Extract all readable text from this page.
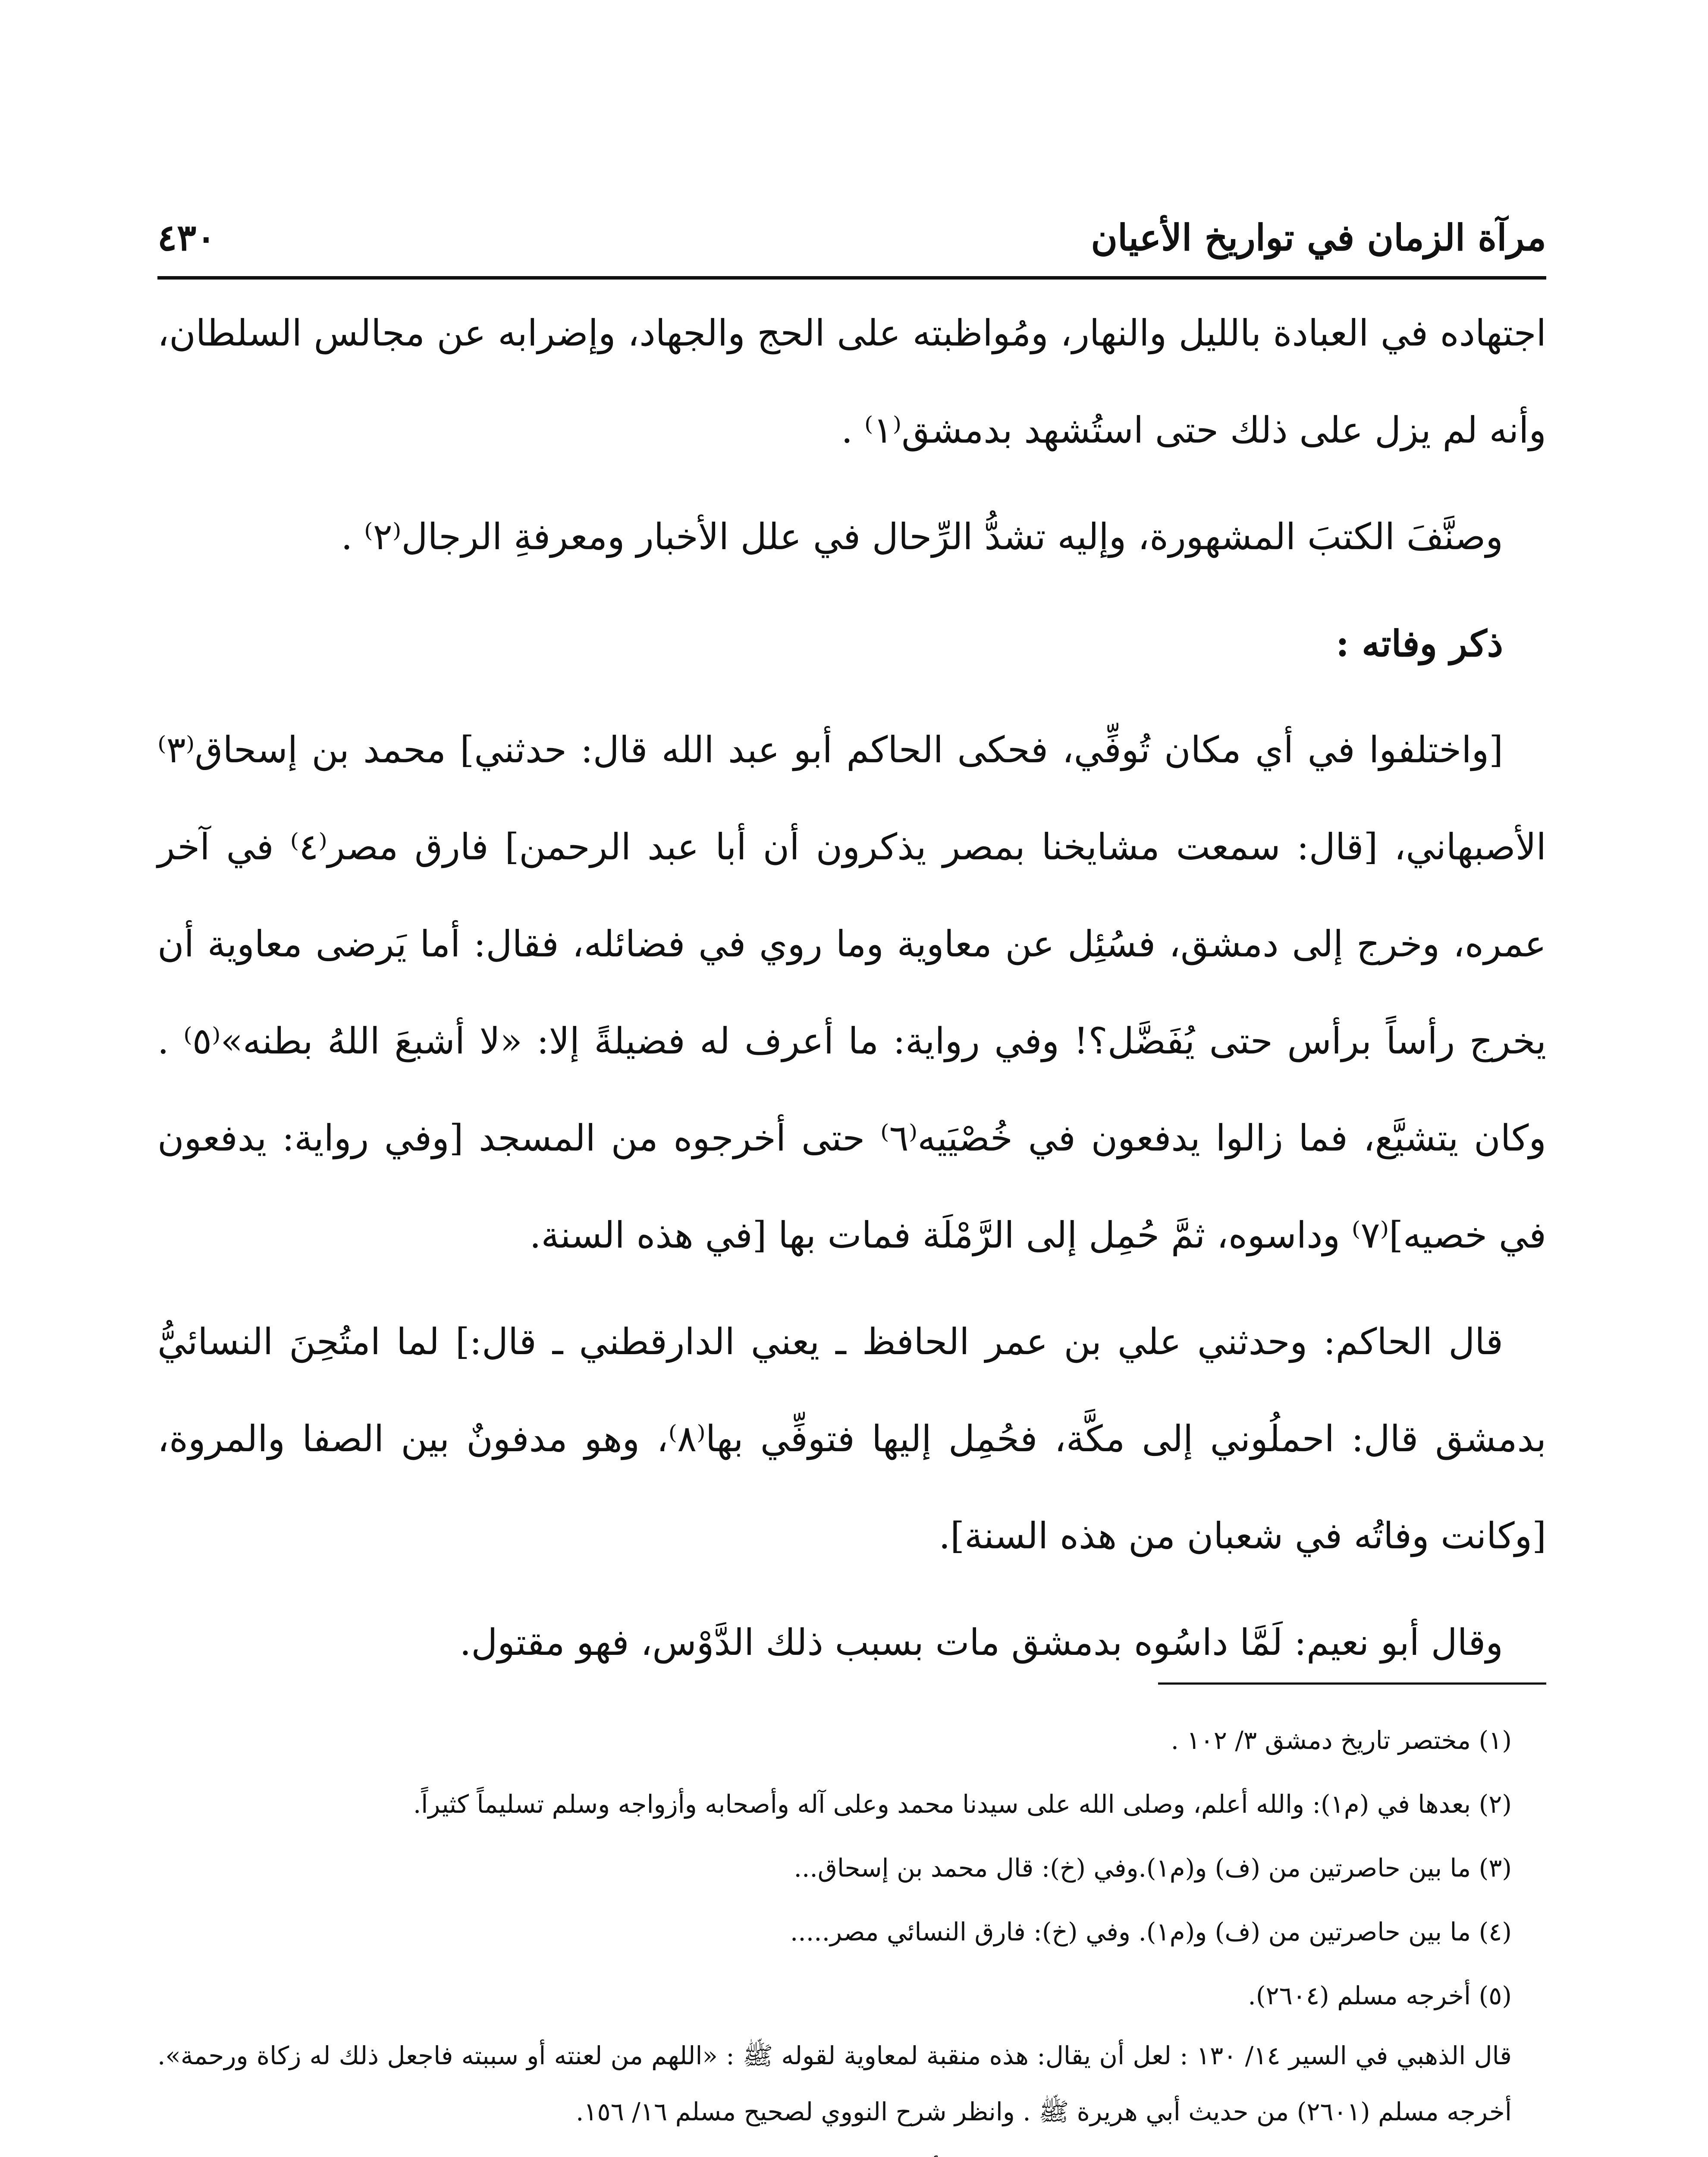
مرآة الزمان في تواريخ الأعيان
٤٣٠

اجتهاده في العبادة بالليل والنهار، ومُواظبته على الحج والجهاد، وإضرابه عن مجالس السلطان، وأنه لم يزل على ذلك حتى استُشهد بدمشق⁽١⁾ .

وصنَّفَ الكتبَ المشهورة، وإليه تشدُّ الرِّحال في علل الأخبار ومعرفةِ الرجال⁽٢⁾ .

ذكر وفاته :

[واختلفوا في أي مكان تُوفِّي، فحكى الحاكم أبو عبد الله قال: حدثني] محمد بن إسحاق⁽٣⁾ الأصبهاني، [قال: سمعت مشايخنا بمصر يذكرون أن أبا عبد الرحمن] فارق مصر⁽٤⁾ في آخر عمره، وخرج إلى دمشق، فسُئِل عن معاوية وما روي في فضائله، فقال: أما يَرضى معاوية أن يخرج رأساً برأس حتى يُفَضَّل؟! وفي رواية: ما أعرف له فضيلةً إلا: «لا أشبعَ اللهُ بطنه»⁽٥⁾ . وكان يتشيَّع، فما زالوا يدفعون في خُصْيَيه⁽٦⁾ حتى أخرجوه من المسجد [وفي رواية: يدفعون في خصيه]⁽٧⁾ وداسوه، ثمَّ حُمِل إلى الرَّمْلَة فمات بها [في هذه السنة.

قال الحاكم: وحدثني علي بن عمر الحافظ ـ يعني الدارقطني ـ قال:] لما امتُحِنَ النسائيُّ بدمشق قال: احملُوني إلى مكَّة، فحُمِل إليها فتوفِّي بها⁽٨⁾، وهو مدفونٌ بين الصفا والمروة، [وكانت وفاتُه في شعبان من هذه السنة].

وقال أبو نعيم: لَمَّا داسُوه بدمشق مات بسبب ذلك الدَّوْس، فهو مقتول.

(١) مختصر تاريخ دمشق ٣/ ١٠٢ .

(٢) بعدها في (م١): والله أعلم، وصلى الله على سيدنا محمد وعلى آله وأصحابه وأزواجه وسلم تسليماً كثيراً.

(٣) ما بين حاصرتين من (ف) و(م١).وفي (خ): قال محمد بن إسحاق...

(٤) ما بين حاصرتين من (ف) و(م١). وفي (خ): فارق النسائي مصر.....

(٥) أخرجه مسلم (٢٦٠٤).

قال الذهبي في السير ١٤/ ١٣٠ : لعل أن يقال: هذه منقبة لمعاوية لقوله ﷺ : «اللهم من لعنته أو سببته فاجعل ذلك له زكاة ورحمة». أخرجه مسلم (٢٦٠١) من حديث أبي هريرة ﷺ . وانظر شرح النووي لصحيح مسلم ١٦/ ١٥٦.
